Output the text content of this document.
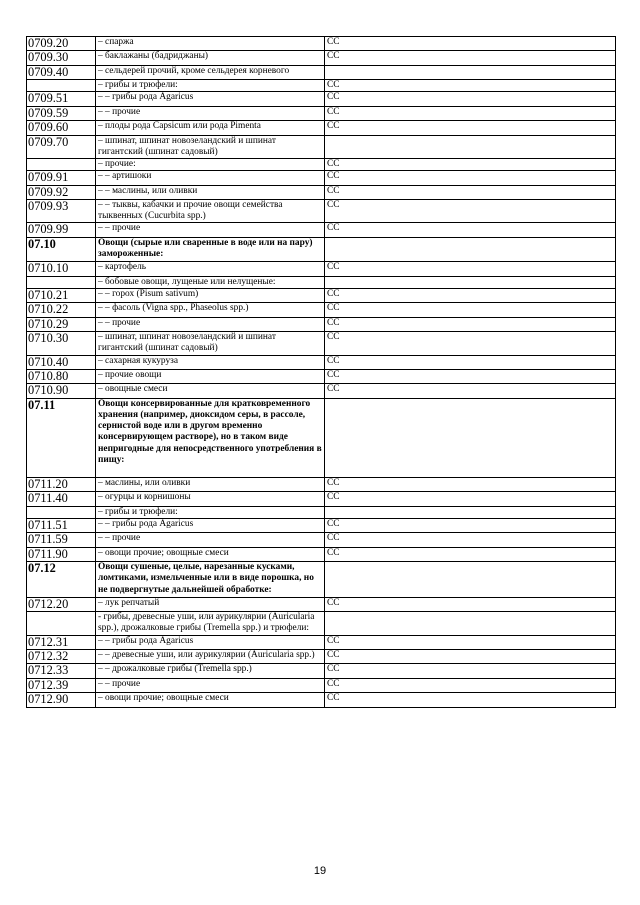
0709.20	– спаржа	СС
0709.30	– баклажаны (бадриджаны)	СС
0709.40	– сельдерей прочий, кроме сельдерея корневого	
	– грибы и трюфели:	СС
0709.51	– – грибы рода Agaricus	СС
0709.59	– – прочие	СС
0709.60	– плоды рода Capsicum или рода Pimenta	СС
0709.70	– шпинат, шпинат новозеландский и шпинат гигантский (шпинат садовый)	
	– прочие:	СС
0709.91	– – артишоки	СС
0709.92	– – маслины, или оливки	СС
0709.93	– – тыквы, кабачки и прочие овощи семейства тыквенных (Cucurbita spp.)	СС
0709.99	– – прочие	СС
07.10	Овощи (сырые или сваренные в воде или на пару) замороженные:	
0710.10	– картофель	СС
	– бобовые овощи, лущеные или нелущеные:	
0710.21	– – горох (Pisum sativum)	СС
0710.22	– – фасоль (Vigna spp., Phaseolus spp.)	СС
0710.29	– – прочие	СС
0710.30	– шпинат, шпинат новозеландский и шпинат гигантский (шпинат садовый)	СС
0710.40	– сахарная кукуруза	СС
0710.80	– прочие овощи	СС
0710.90	– овощные смеси	СС
07.11	Овощи консервированные для кратковременного хранения (например, диоксидом серы, в рассоле, сернистой воде или в другом временно консервирующем растворе), но в таком виде непригодные для непосредственного употребления в пищу:	
0711.20	– маслины, или оливки	СС
0711.40	– огурцы и корнишоны	СС
	– грибы и трюфели:	
0711.51	– – грибы рода Agaricus	СС
0711.59	– – прочие	СС
0711.90	– овощи прочие; овощные смеси	СС
07.12	Овощи сушеные, целые, нарезанные кусками, ломтиками, измельченные или в виде порошка, но не подвергнутые дальнейшей обработке:	
0712.20	– лук репчатый	СС
	- грибы, древесные уши, или аурикулярии (Auricularia spp.), дрожалковые грибы (Tremella spp.) и трюфели:	
0712.31	– – грибы рода Agaricus	СС
0712.32	– – древесные уши, или аурикулярии (Auricularia spp.)	СС
0712.33	– – дрожалковые грибы (Tremella spp.)	СС
0712.39	– – прочие	СС
0712.90	– овощи прочие; овощные смеси	СС
19
